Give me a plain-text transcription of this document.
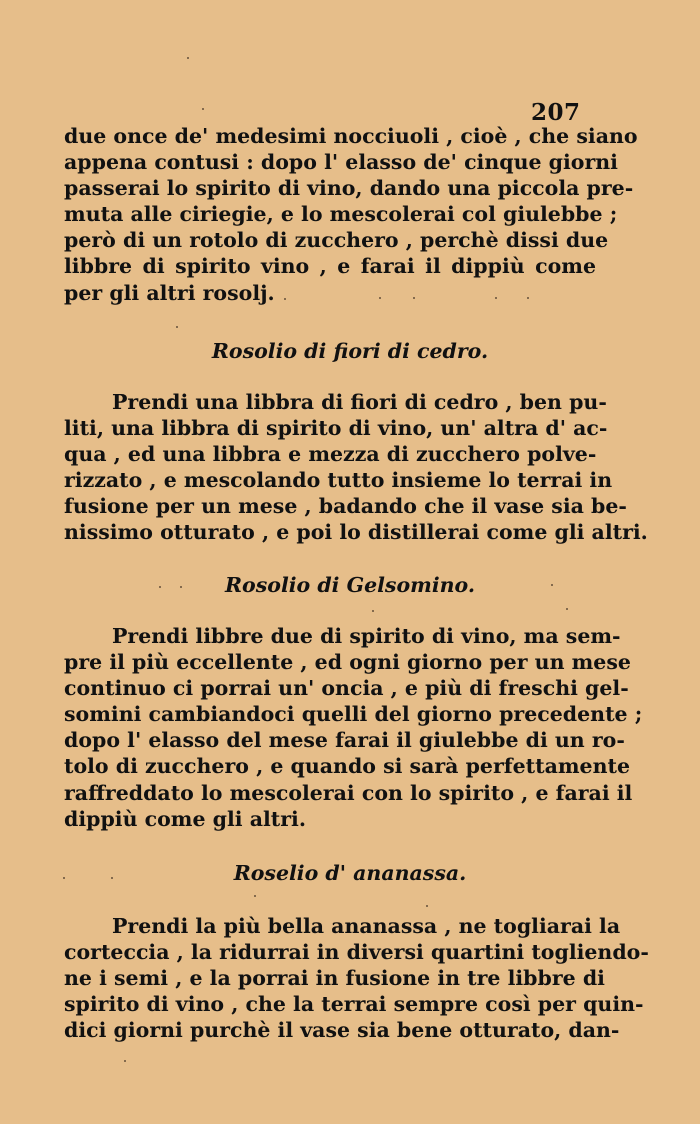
207
due once de' medesimi nocciuoli , cioè , che siano
appena contusi : dopo l' elasso de' cinque giorni
passerai lo spirito di vino, dando una piccola pre-
muta alle ciriegie, e lo mescolerai col giulebbe ;
però di un rotolo di zucchero , perchè dissi due
libbre di spirito vino , e farai il dippiù come
per gli altri rosolj.
Rosolio di fiori di cedro.
Prendi una libbra di fiori di cedro , ben pu-
liti, una libbra di spirito di vino, un' altra d' ac-
qua , ed una libbra e mezza di zucchero polve-
rizzato , e mescolando tutto insieme lo terrai in
fusione per un mese , badando che il vase sia be-
nissimo otturato , e poi lo distillerai come gli altri.
Rosolio di Gelsomino.
Prendi libbre due di spirito di vino, ma sem-
pre il più eccellente , ed ogni giorno per un mese
continuo ci porrai un' oncia , e più di freschi gel-
somini cambiandoci quelli del giorno precedente ;
dopo l' elasso del mese farai il giulebbe di un ro-
tolo di zucchero , e quando si sarà perfettamente
raffreddato lo mescolerai con lo spirito , e farai il
dippiù come gli altri.
Roselio d' ananassa.
Prendi la più bella ananassa , ne togliarai la
corteccia , la ridurrai in diversi quartini togliendo-
ne i semi , e la porrai in fusione in tre libbre di
spirito di vino , che la terrai sempre così per quin-
dici giorni purchè il vase sia bene otturato, dan-
